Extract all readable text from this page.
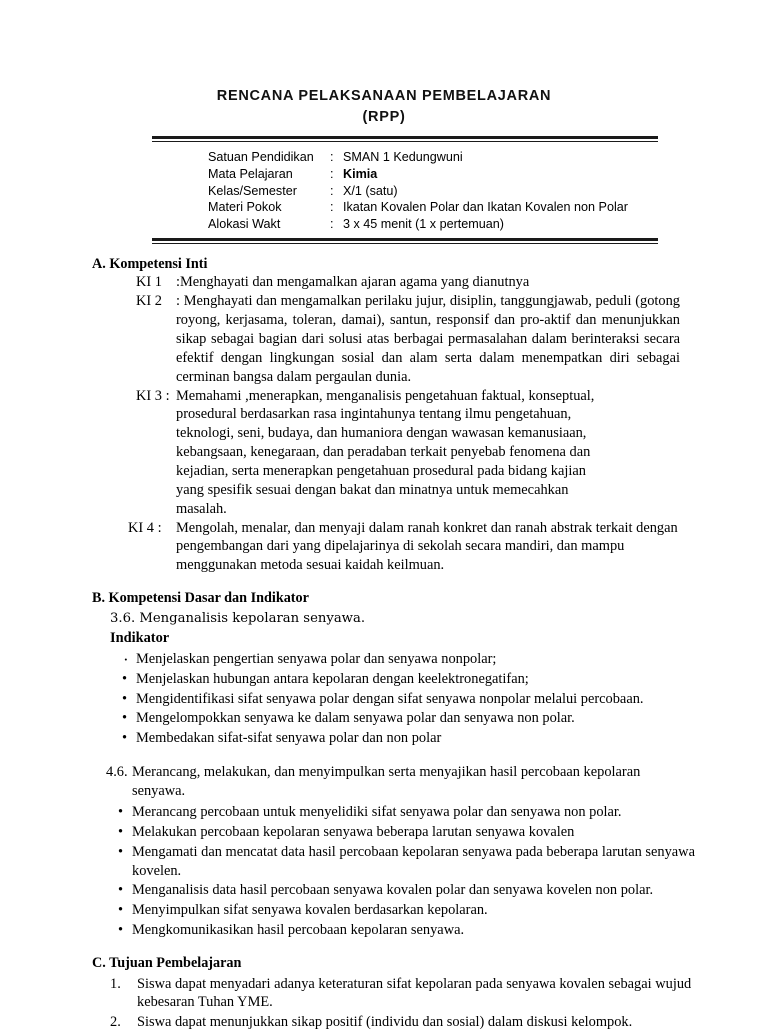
RENCANA PELAKSANAAN PEMBELAJARAN
(RPP)
Satuan Pendidikan	:	SMAN 1 Kedungwuni
Mata Pelajaran	:	Kimia
Kelas/Semester	:	X/1 (satu)
Materi Pokok	:	Ikatan Kovalen Polar dan Ikatan Kovalen non Polar
Alokasi Wakt	:	3 x 45 menit (1 x pertemuan)
A. Kompetensi Inti
KI 1 :Menghayati dan mengamalkan ajaran agama yang dianutnya
KI 2 : Menghayati dan mengamalkan perilaku jujur, disiplin, tanggungjawab, peduli (gotong royong, kerjasama, toleran, damai), santun, responsif dan pro-aktif dan menunjukkan sikap sebagai bagian dari solusi atas berbagai permasalahan dalam berinteraksi secara efektif dengan lingkungan sosial dan alam serta dalam menempatkan diri sebagai cerminan bangsa dalam pergaulan dunia.
KI 3 : Memahami ,menerapkan, menganalisis pengetahuan faktual, konseptual, prosedural berdasarkan rasa ingintahunya tentang ilmu pengetahuan, teknologi, seni, budaya, dan humaniora dengan wawasan kemanusiaan, kebangsaan, kenegaraan, dan peradaban terkait penyebab fenomena dan kejadian, serta menerapkan pengetahuan prosedural pada bidang kajian yang spesifik sesuai dengan bakat dan minatnya untuk memecahkan masalah.
KI 4 :	Mengolah, menalar, dan menyaji dalam ranah konkret dan ranah abstrak terkait dengan pengembangan dari yang dipelajarinya di sekolah secara mandiri, dan mampu menggunakan metoda sesuai kaidah keilmuan.
B. Kompetensi Dasar dan Indikator
3.6. Menganalisis kepolaran senyawa.
Indikator
· Menjelaskan pengertian senyawa polar dan senyawa nonpolar;
• Menjelaskan hubungan antara kepolaran dengan keelektronegatifan;
• Mengidentifikasi sifat senyawa polar dengan sifat senyawa nonpolar melalui percobaan.
• Mengelompokkan senyawa ke dalam senyawa polar dan senyawa non polar.
• Membedakan sifat-sifat senyawa polar dan non polar
4.6. Merancang, melakukan, dan menyimpulkan serta menyajikan hasil percobaan kepolaran senyawa.
• Merancang percobaan untuk menyelidiki sifat senyawa polar dan senyawa non polar.
• Melakukan percobaan kepolaran senyawa beberapa larutan senyawa kovalen
• Mengamati dan mencatat data hasil percobaan kepolaran senyawa pada beberapa larutan senyawa kovelen.
• Menganalisis data hasil percobaan senyawa kovalen polar dan senyawa kovelen non polar.
• Menyimpulkan sifat senyawa kovalen berdasarkan kepolaran.
• Mengkomunikasikan hasil percobaan kepolaran senyawa.
C. Tujuan Pembelajaran
1.	Siswa dapat menyadari adanya keteraturan sifat kepolaran pada senyawa kovalen sebagai wujud kebesaran Tuhan YME.
2.	Siswa dapat menunjukkan sikap positif (individu dan sosial) dalam diskusi kelompok.
